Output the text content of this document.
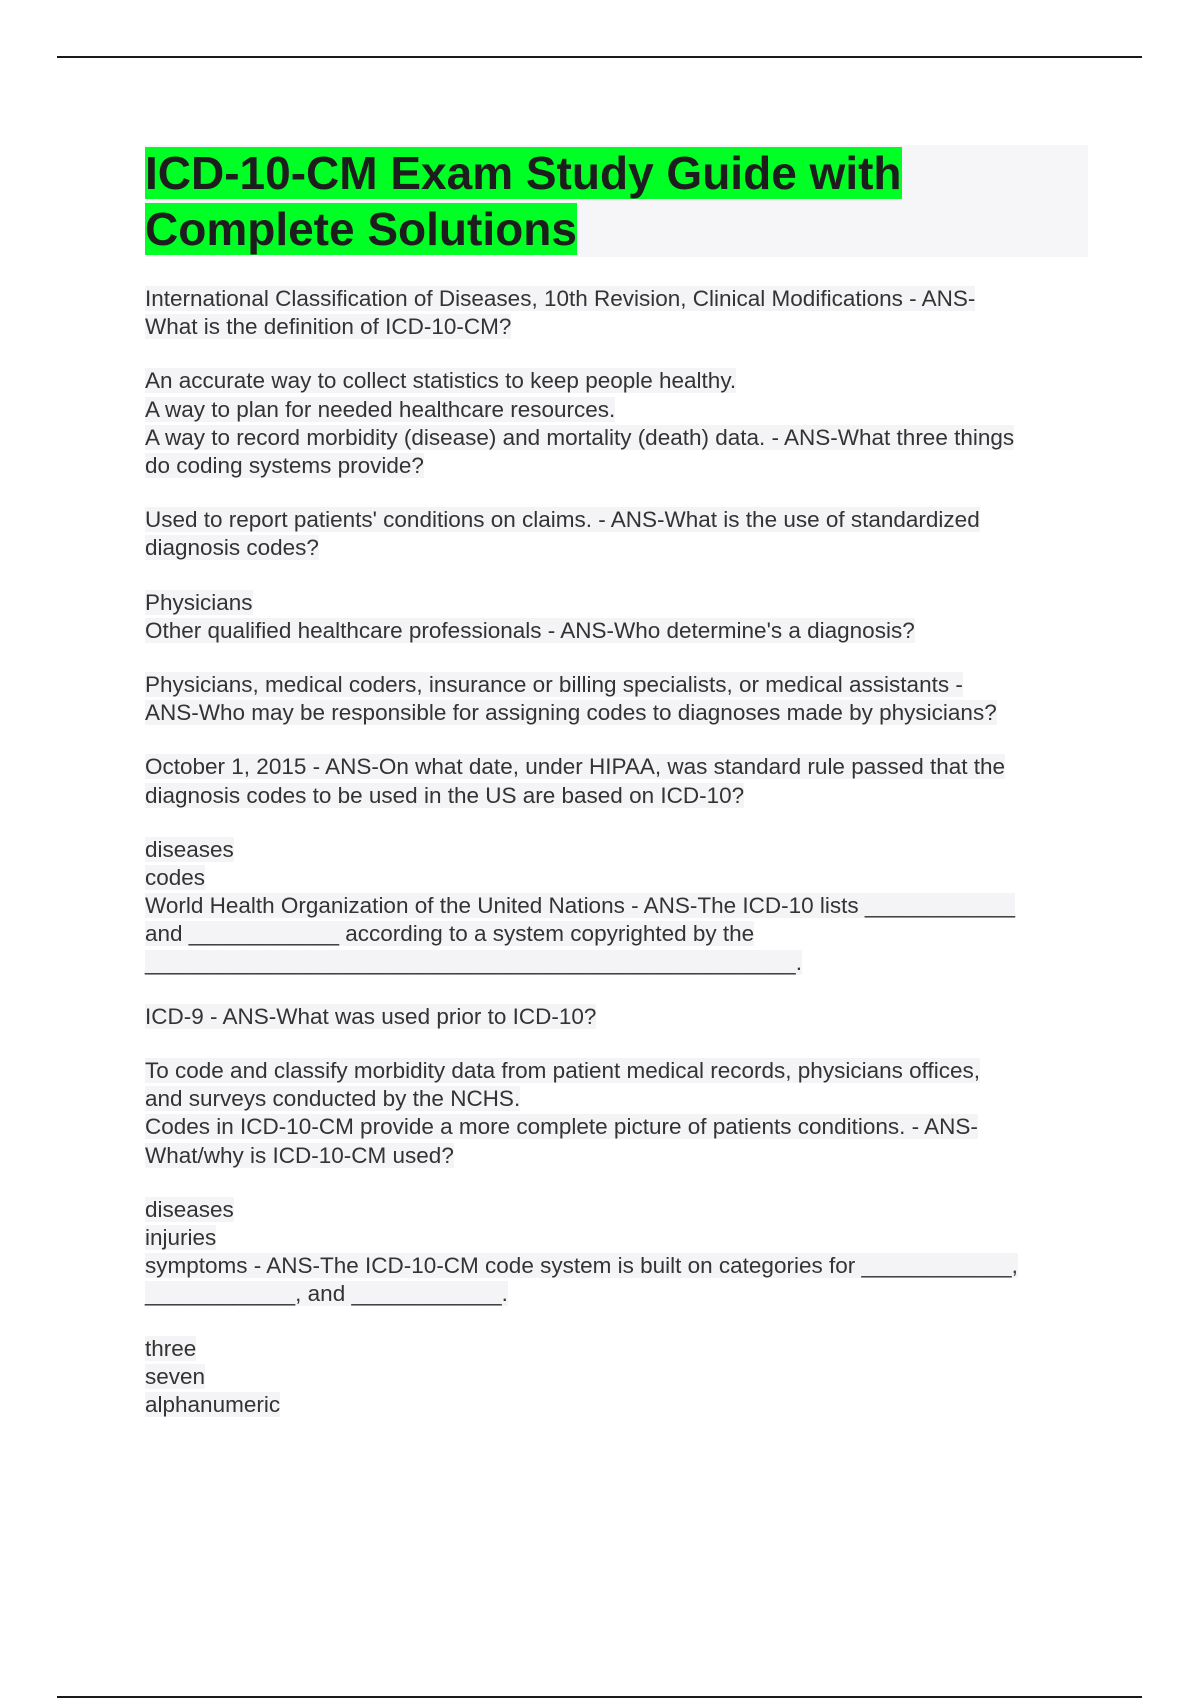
ICD-10-CM Exam Study Guide with
Complete Solutions
International Classification of Diseases, 10th Revision, Clinical Modifications - ANS-
What is the definition of ICD-10-CM?
An accurate way to collect statistics to keep people healthy.
A way to plan for needed healthcare resources.
A way to record morbidity (disease) and mortality (death) data. - ANS-What three things
do coding systems provide?
Used to report patients' conditions on claims. - ANS-What is the use of standardized
diagnosis codes?
Physicians
Other qualified healthcare professionals - ANS-Who determine's a diagnosis?
Physicians, medical coders, insurance or billing specialists, or medical assistants -
ANS-Who may be responsible for assigning codes to diagnoses made by physicians?
October 1, 2015 - ANS-On what date, under HIPAA, was standard rule passed that the
diagnosis codes to be used in the US are based on ICD-10?
diseases
codes
World Health Organization of the United Nations - ANS-The ICD-10 lists ____________
and ____________ according to a system copyrighted by the
____________________________________________________.
ICD-9 - ANS-What was used prior to ICD-10?
To code and classify morbidity data from patient medical records, physicians offices,
and surveys conducted by the NCHS.
Codes in ICD-10-CM provide a more complete picture of patients conditions. - ANS-
What/why is ICD-10-CM used?
diseases
injuries
symptoms - ANS-The ICD-10-CM code system is built on categories for ____________,
____________, and ____________.
three
seven
alphanumeric
